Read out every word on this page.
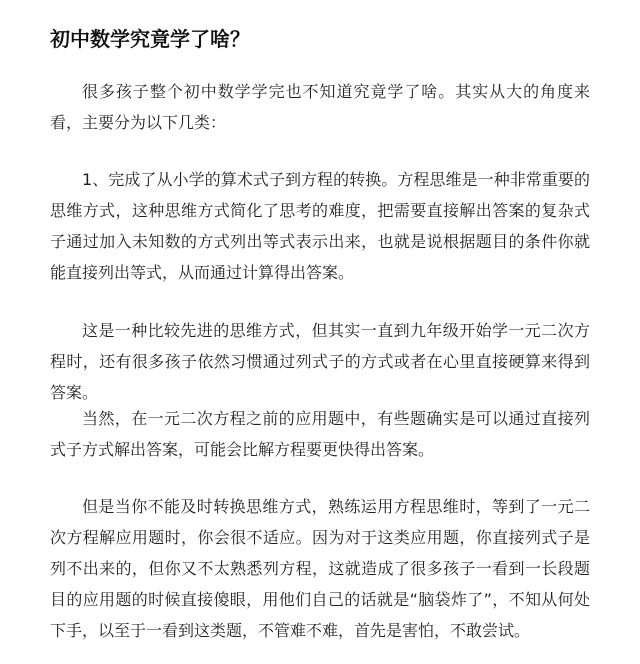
初中数学究竟学了啥？

很多孩子整个初中数学学完也不知道究竟学了啥。其实从大的角度来看，主要分为以下几类：

1、完成了从小学的算术式子到方程的转换。方程思维是一种非常重要的思维方式，这种思维方式简化了思考的难度，把需要直接解出答案的复杂式子通过加入未知数的方式列出等式表示出来，也就是说根据题目的条件你就能直接列出等式，从而通过计算得出答案。

这是一种比较先进的思维方式，但其实一直到九年级开始学一元二次方程时，还有很多孩子依然习惯通过列式子的方式或者在心里直接硬算来得到答案。

当然，在一元二次方程之前的应用题中，有些题确实是可以通过直接列式子方式解出答案，可能会比解方程要更快得出答案。

但是当你不能及时转换思维方式，熟练运用方程思维时，等到了一元二次方程解应用题时，你会很不适应。因为对于这类应用题，你直接列式子是列不出来的，但你又不太熟悉列方程，这就造成了很多孩子一看到一长段题目的应用题的时候直接傻眼，用他们自己的话就是“脑袋炸了”，不知从何处下手，以至于一看到这类题，不管难不难，首先是害怕，不敢尝试。
